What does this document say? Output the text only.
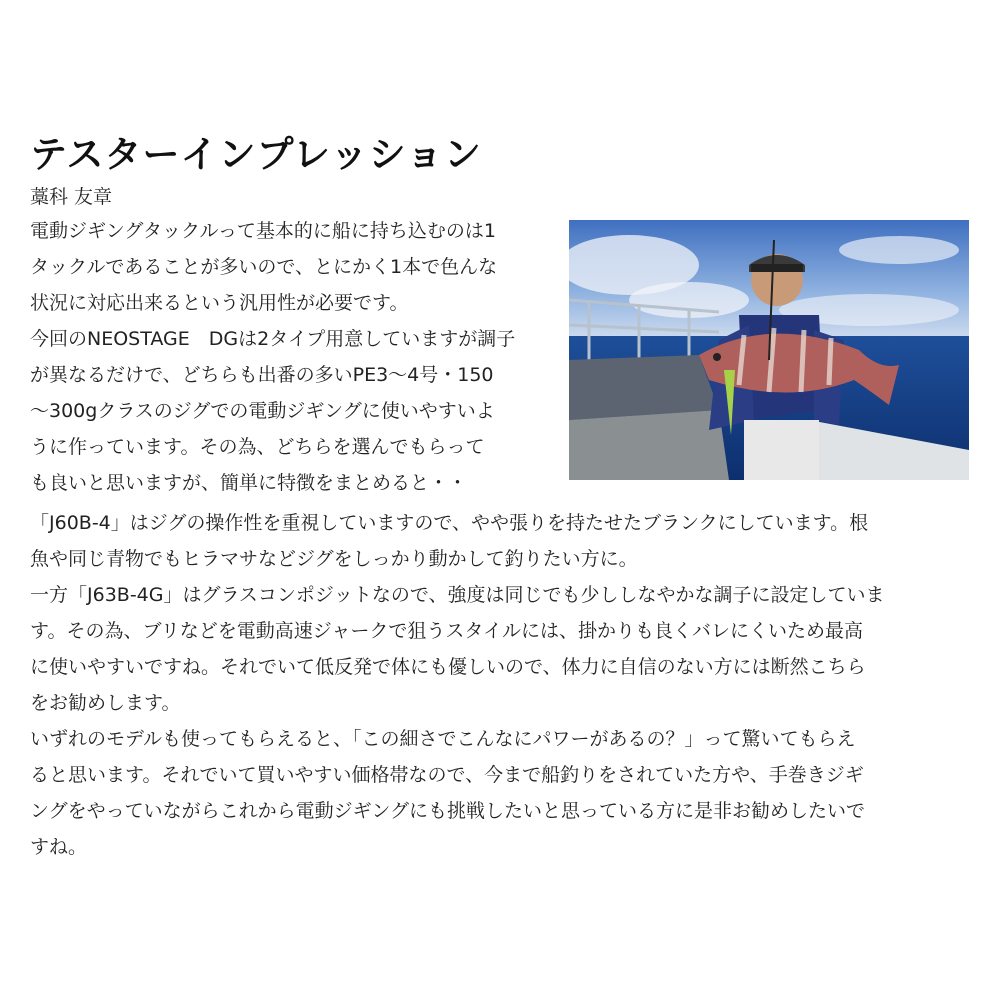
テスターインプレッション
藁科 友章
電動ジギングタックルって基本的に船に持ち込むのは1
タックルであることが多いので、とにかく1本で色んな
状況に対応出来るという汎用性が必要です。
今回のNEOSTAGE　DGは2タイプ用意していますが調子
が異なるだけで、どちらも出番の多いPE3〜4号・150
〜300gクラスのジグでの電動ジギングに使いやすいよ
うに作っています。その為、どちらを選んでもらって
も良いと思いますが、簡単に特徴をまとめると・・
「J60B-4」はジグの操作性を重視していますので、やや張りを持たせたブランクにしています。根
魚や同じ青物でもヒラマサなどジグをしっかり動かして釣りたい方に。
一方「J63B-4G」はグラスコンポジットなので、強度は同じでも少ししなやかな調子に設定していま
す。その為、ブリなどを電動高速ジャークで狙うスタイルには、掛かりも良くバレにくいため最高
に使いやすいですね。それでいて低反発で体にも優しいので、体力に自信のない方には断然こちら
をお勧めします。
いずれのモデルも使ってもらえると、「この細さでこんなにパワーがあるの？」って驚いてもらえ
ると思います。それでいて買いやすい価格帯なので、今まで船釣りをされていた方や、手巻きジギ
ングをやっていながらこれから電動ジギングにも挑戦したいと思っている方に是非お勧めしたいで
すね。
